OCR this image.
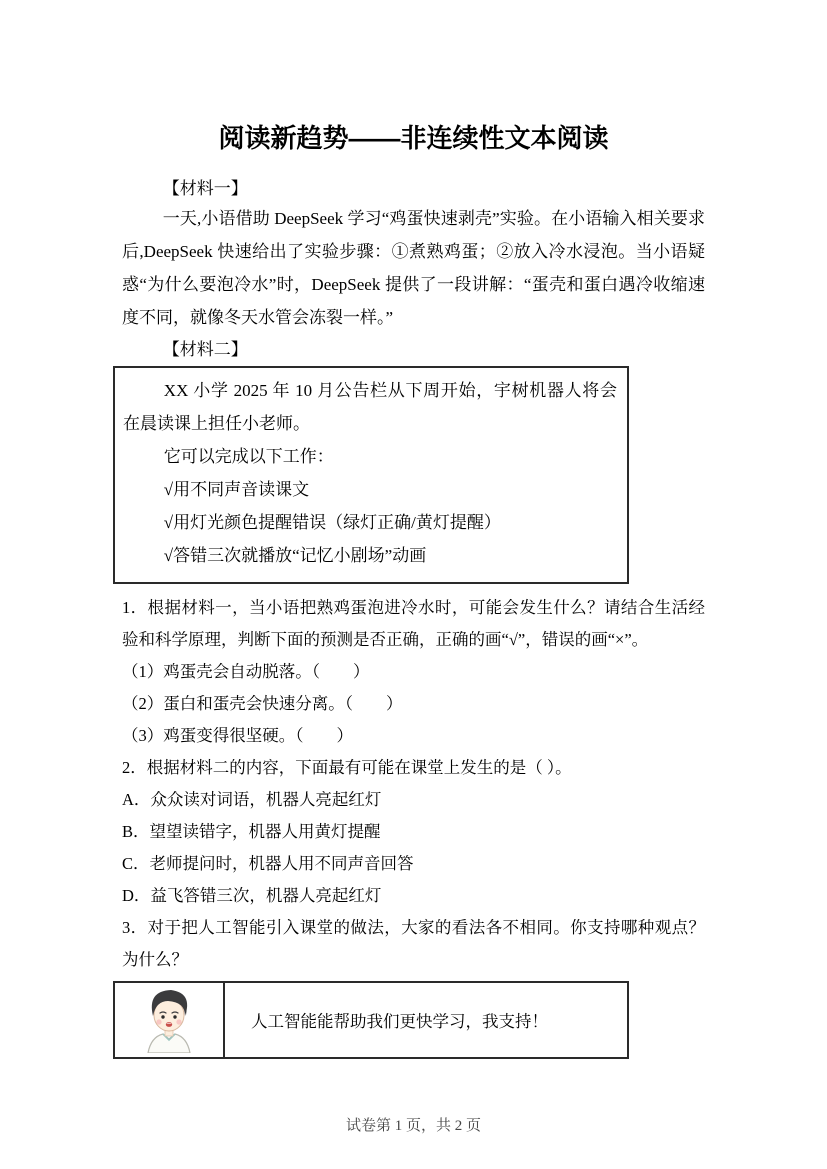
阅读新趋势——非连续性文本阅读

【材料一】

一天,小语借助 DeepSeek 学习“鸡蛋快速剥壳”实验。在小语输入相关要求后,DeepSeek 快速给出了实验步骤：①煮熟鸡蛋；②放入冷水浸泡。当小语疑惑“为什么要泡冷水”时，DeepSeek 提供了一段讲解：“蛋壳和蛋白遇冷收缩速度不同，就像冬天水管会冻裂一样。”

【材料二】

XX 小学 2025 年 10 月公告栏从下周开始，宇树机器人将会在晨读课上担任小老师。

它可以完成以下工作：

√用不同声音读课文

√用灯光颜色提醒错误（绿灯正确/黄灯提醒）

√答错三次就播放“记忆小剧场”动画

1．根据材料一，当小语把熟鸡蛋泡进冷水时，可能会发生什么？请结合生活经验和科学原理，判断下面的预测是否正确，正确的画“√”，错误的画“×”。

（1）鸡蛋壳会自动脱落。（　　）

（2）蛋白和蛋壳会快速分离。（　　）

（3）鸡蛋变得很坚硬。（　　）

2．根据材料二的内容，下面最有可能在课堂上发生的是（ ）。

A．众众读对词语，机器人亮起红灯

B．望望读错字，机器人用黄灯提醒

C．老师提问时，机器人用不同声音回答

D．益飞答错三次，机器人亮起红灯

3．对于把人工智能引入课堂的做法，大家的看法各不相同。你支持哪种观点？为什么？

人工智能能帮助我们更快学习，我支持！

试卷第 1 页，共 2 页
